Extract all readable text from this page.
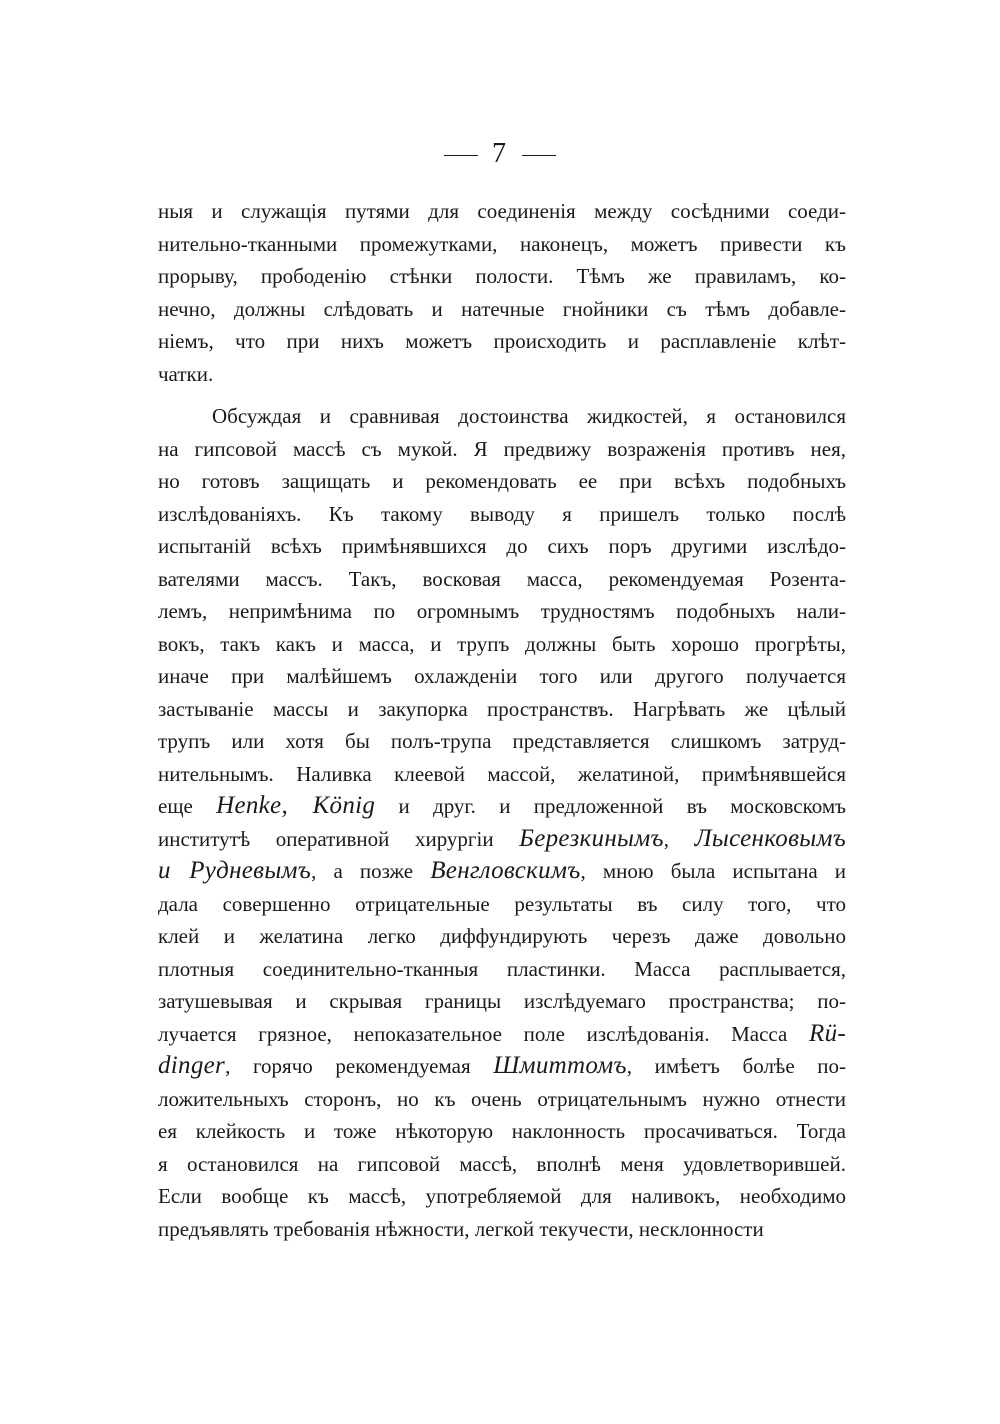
7
ныя и служащія путями для соединенія между сосѣдними соеди-
нительно-тканными промежутками, наконецъ, можетъ привести къ
прорыву, прободенію стѣнки полости. Тѣмъ же правиламъ, ко-
нечно, должны слѣдовать и натечные гнойники съ тѣмъ добавле-
ніемъ, что при нихъ можетъ происходить и расплавленіе клѣт-
чатки.
Обсуждая и сравнивая достоинства жидкостей, я остановился
на гипсовой массѣ съ мукой. Я предвижу возраженія противъ нея,
но готовъ защищать и рекомендовать ее при всѣхъ подобныхъ
изслѣдованіяхъ. Къ такому выводу я пришелъ только послѣ
испытаній всѣхъ примѣнявшихся до сихъ поръ другими изслѣдо-
вателями массъ. Такъ, восковая масса, рекомендуемая Розента-
лемъ, непримѣнима по огромнымъ трудностямъ подобныхъ нали-
вокъ, такъ какъ и масса, и трупъ должны быть хорошо прогрѣты,
иначе при малѣйшемъ охлажденіи того или другого получается
застываніе массы и закупорка пространствъ. Нагрѣвать же цѣлый
трупъ или хотя бы полъ-трупа представляется слишкомъ затруд-
нительнымъ. Наливка клеевой массой, желатиной, примѣнявшейся
еще Henke, König и друг. и предложенной въ московскомъ
институтѣ оперативной хирургіи Березкинымъ, Лысенковымъ
и Рудневымъ, а позже Венгловскимъ, мною была испытана и
дала совершенно отрицательные результаты въ силу того, что
клей и желатина легко диффундирують черезъ даже довольно
плотныя соединительно-тканныя пластинки. Масса расплывается,
затушевывая и скрывая границы изслѣдуемаго пространства; по-
лучается грязное, непоказательное поле изслѣдованія. Масса Rü-
dinger, горячо рекомендуемая Шмиттомъ, имѣетъ болѣе по-
ложительныхъ сторонъ, но къ очень отрицательнымъ нужно отнести
ея клейкость и тоже нѣкоторую наклонность просачиваться. Тогда
я остановился на гипсовой массѣ, вполнѣ меня удовлетворившей.
Если вообще къ массѣ, употребляемой для наливокъ, необходимо
предъявлять требованія нѣжности, легкой текучести, несклонности
